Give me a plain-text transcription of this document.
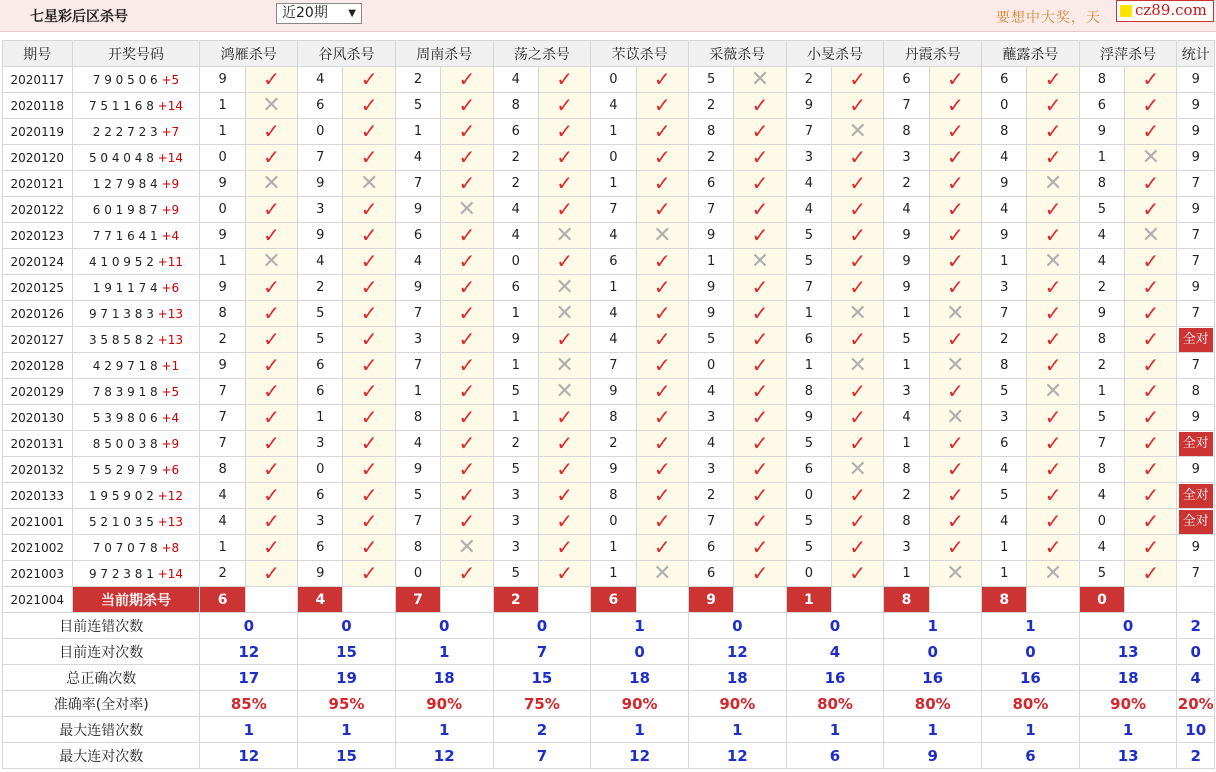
七星彩后区杀号	近20期 ▼	要想中大奖，天	cz89.com
期号	开奖号码	鸿雁杀号		谷风杀号		周南杀号		荡之杀号		芣苡杀号		采薇杀号		小旻杀号		丹霞杀号		蘸露杀号		浮萍杀号		统计
2020117	7 9 0 5 0 6 +5	9	✓	4	✓	2	✓	4	✓	0	✓	5	✕	2	✓	6	✓	6	✓	8	✓	9
2020118	7 5 1 1 6 8 +14	1	✕	6	✓	5	✓	8	✓	4	✓	2	✓	9	✓	7	✓	0	✓	6	✓	9
2020119	2 2 2 7 2 3 +7	1	✓	0	✓	1	✓	6	✓	1	✓	8	✓	7	✕	8	✓	8	✓	9	✓	9
2020120	5 0 4 0 4 8 +14	0	✓	7	✓	4	✓	2	✓	0	✓	2	✓	3	✓	3	✓	4	✓	1	✕	9
2020121	1 2 7 9 8 4 +9	9	✕	9	✕	7	✓	2	✓	1	✓	6	✓	4	✓	2	✓	9	✕	8	✓	7
2020122	6 0 1 9 8 7 +9	0	✓	3	✓	9	✕	4	✓	7	✓	7	✓	4	✓	4	✓	4	✓	5	✓	9
2020123	7 7 1 6 4 1 +4	9	✓	9	✓	6	✓	4	✕	4	✕	9	✓	5	✓	9	✓	9	✓	4	✕	7
2020124	4 1 0 9 5 2 +11	1	✕	4	✓	4	✓	0	✓	6	✓	1	✕	5	✓	9	✓	1	✕	4	✓	7
2020125	1 9 1 1 7 4 +6	9	✓	2	✓	9	✓	6	✕	1	✓	9	✓	7	✓	9	✓	3	✓	2	✓	9
2020126	9 7 1 3 8 3 +13	8	✓	5	✓	7	✓	1	✕	4	✓	9	✓	1	✕	1	✕	7	✓	9	✓	7
2020127	3 5 8 5 8 2 +13	2	✓	5	✓	3	✓	9	✓	4	✓	5	✓	6	✓	5	✓	2	✓	8	✓	全对

2020128	4 2 9 7 1 8 +1	9	✓	6	✓	7	✓	1	✕	7	✓	0	✓	1	✕	1	✕	8	✓	2	✓	7
2020129	7 8 3 9 1 8 +5	7	✓	6	✓	1	✓	5	✕	9	✓	4	✓	8	✓	3	✓	5	✕	1	✓	8
2020130	5 3 9 8 0 6 +4	7	✓	1	✓	8	✓	1	✓	8	✓	3	✓	9	✓	4	✕	3	✓	5	✓	9
2020131	8 5 0 0 3 8 +9	7	✓	3	✓	4	✓	2	✓	2	✓	4	✓	5	✓	1	✓	6	✓	7	✓	全对

2020132	5 5 2 9 7 9 +6	8	✓	0	✓	9	✓	5	✓	9	✓	3	✓	6	✕	8	✓	4	✓	8	✓	9
2020133	1 9 5 9 0 2 +12	4	✓	6	✓	5	✓	3	✓	8	✓	2	✓	0	✓	2	✓	5	✓	4	✓	全对

2021001	5 2 1 0 3 5 +13	4	✓	3	✓	7	✓	3	✓	0	✓	7	✓	5	✓	8	✓	4	✓	0	✓	全对

2021002	7 0 7 0 7 8 +8	1	✓	6	✓	8	✕	3	✓	1	✓	6	✓	5	✓	3	✓	1	✓	4	✓	9
2021003	9 7 2 3 8 1 +14	2	✓	9	✓	0	✓	5	✓	1	✕	6	✓	0	✓	1	✕	1	✕	5	✓	7
2021004	当前期杀号	6		4		7		2		6		9		1		8		8		0		
目前连错次数		0		0		0		0		1		0		0		1		1		0		2
目前连对次数		12		15		1		7		0		12		4		0		0		13		0
总正确次数		17		19		18		15		18		18		16		16		16		18		4
准确率(全对率)		85%		95%		90%		75%		90%		90%		80%		80%		80%		90%		20%
最大连错次数		1		1		1		2		1		1		1		1		1		1		10
最大连对次数		12		15		12		7		12		12		6		9		6		13		2
